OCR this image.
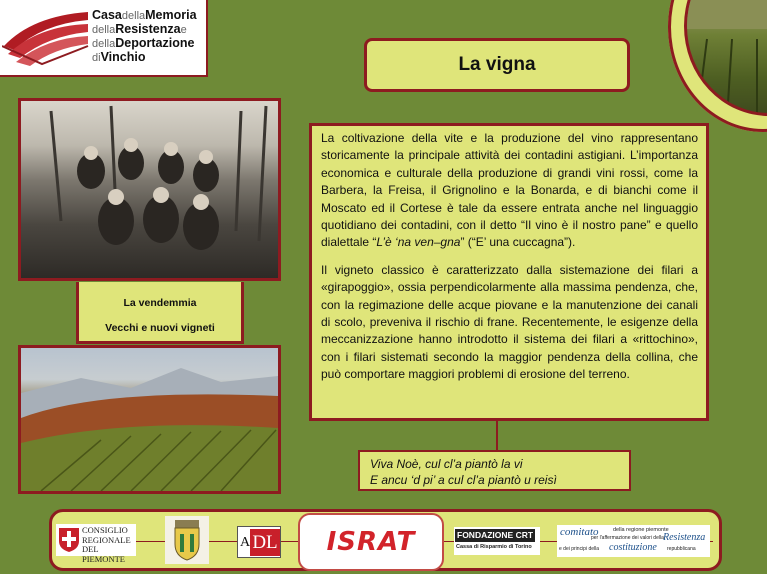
CasadellaMemoria
dellaResistenzae
dellaDeportazione
diVinchio	La vigna
La vendemmia
Vecchi e nuovi vigneti

La coltivazione della vite e la produzione del vino rappresentano storicamente la principale attività dei contadini astigiani. L’importanza economica e culturale della produzione di grandi vini rossi, come la Barbera, la Freisa, il Grignolino e la Bonarda, e di bianchi come il Moscato ed il Cortese è tale da essere entrata anche nel linguaggio quotidiano dei contadini, con il detto “Il vino è il nostro pane” e quello dialettale “L’è ‘na ven–gna” (“E’ una cuccagna”).

Il vigneto classico è caratterizzato dalla sistemazione dei filari a «girapoggio», ossia perpendicolarmente alla massima pendenza, che, con la regimazione delle acque piovane e la manutenzione dei canali di scolo, preveniva il rischio di frane. Recentemente, le esigenze della meccanizzazione hanno introdotto il sistema dei filari a «rittochino», con i filari sistemati secondo la maggior pendenza della collina, che può comportare maggiori problemi di erosione del terreno.

Viva Noè, cul cl’a piantò la vi
E ancu ‘d pi’ a cul cl’a piantò u reisì
CONSIGLIO
REGIONALE
DEL PIEMONTE
A DL ISRAT	FONDAZIONE CRT
Cassa di Risparmio di Torino
comitato	della regione piemonte
per l'affermazione dei valori della Resistenza
e dei principi della costituzione repubblicana
